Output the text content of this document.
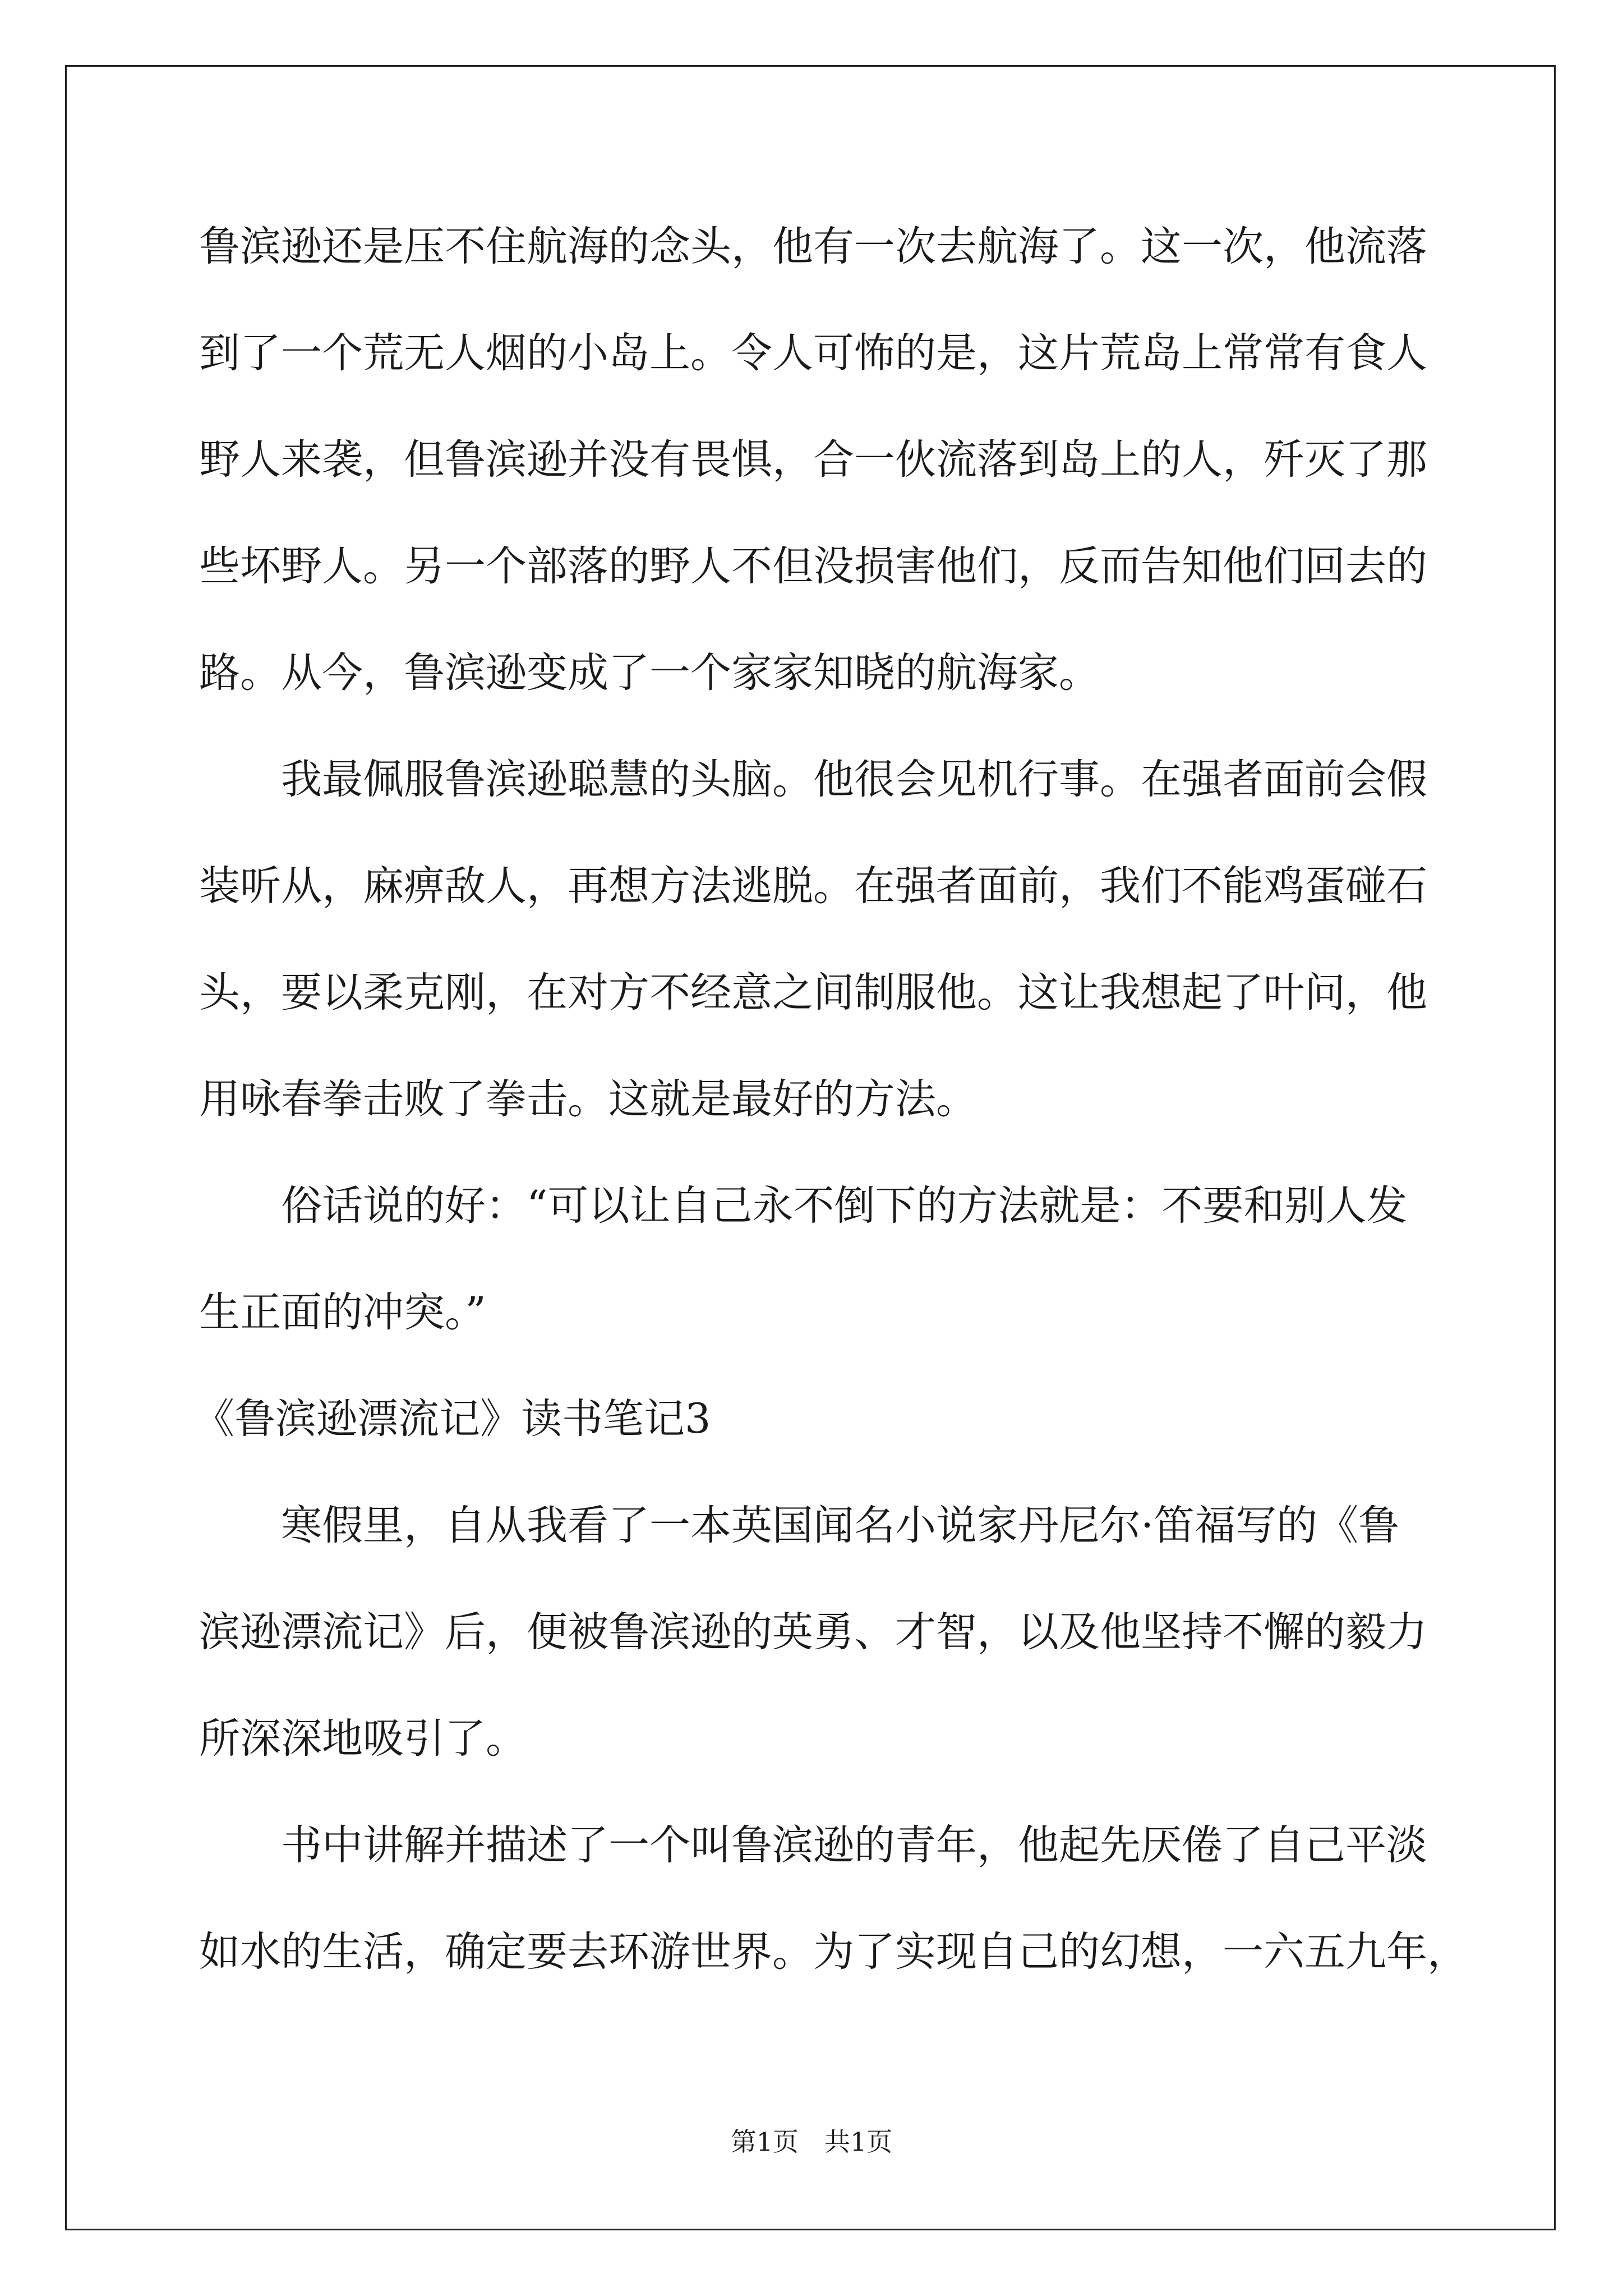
鲁滨逊还是压不住航海的念头，他有一次去航海了。这一次，他流落
到了一个荒无人烟的小岛上。令人可怖的是，这片荒岛上常常有食人
野人来袭，但鲁滨逊并没有畏惧，合一伙流落到岛上的人，歼灭了那
些坏野人。另一个部落的野人不但没损害他们，反而告知他们回去的
路。从今，鲁滨逊变成了一个家家知晓的航海家。
　　我最佩服鲁滨逊聪慧的头脑。他很会见机行事。在强者面前会假
装听从，麻痹敌人，再想方法逃脱。在强者面前，我们不能鸡蛋碰石
头，要以柔克刚，在对方不经意之间制服他。这让我想起了叶问，他
用咏春拳击败了拳击。这就是最好的方法。
　　俗话说的好：“可以让自己永不倒下的方法就是：不要和别人发
生正面的冲突。”
《鲁滨逊漂流记》读书笔记3
　　寒假里，自从我看了一本英国闻名小说家丹尼尔·笛福写的《鲁
滨逊漂流记》后，便被鲁滨逊的英勇、才智，以及他坚持不懈的毅力
所深深地吸引了。
　　书中讲解并描述了一个叫鲁滨逊的青年，他起先厌倦了自己平淡
如水的生活，确定要去环游世界。为了实现自己的幻想，一六五九年，
第1页　共1页
